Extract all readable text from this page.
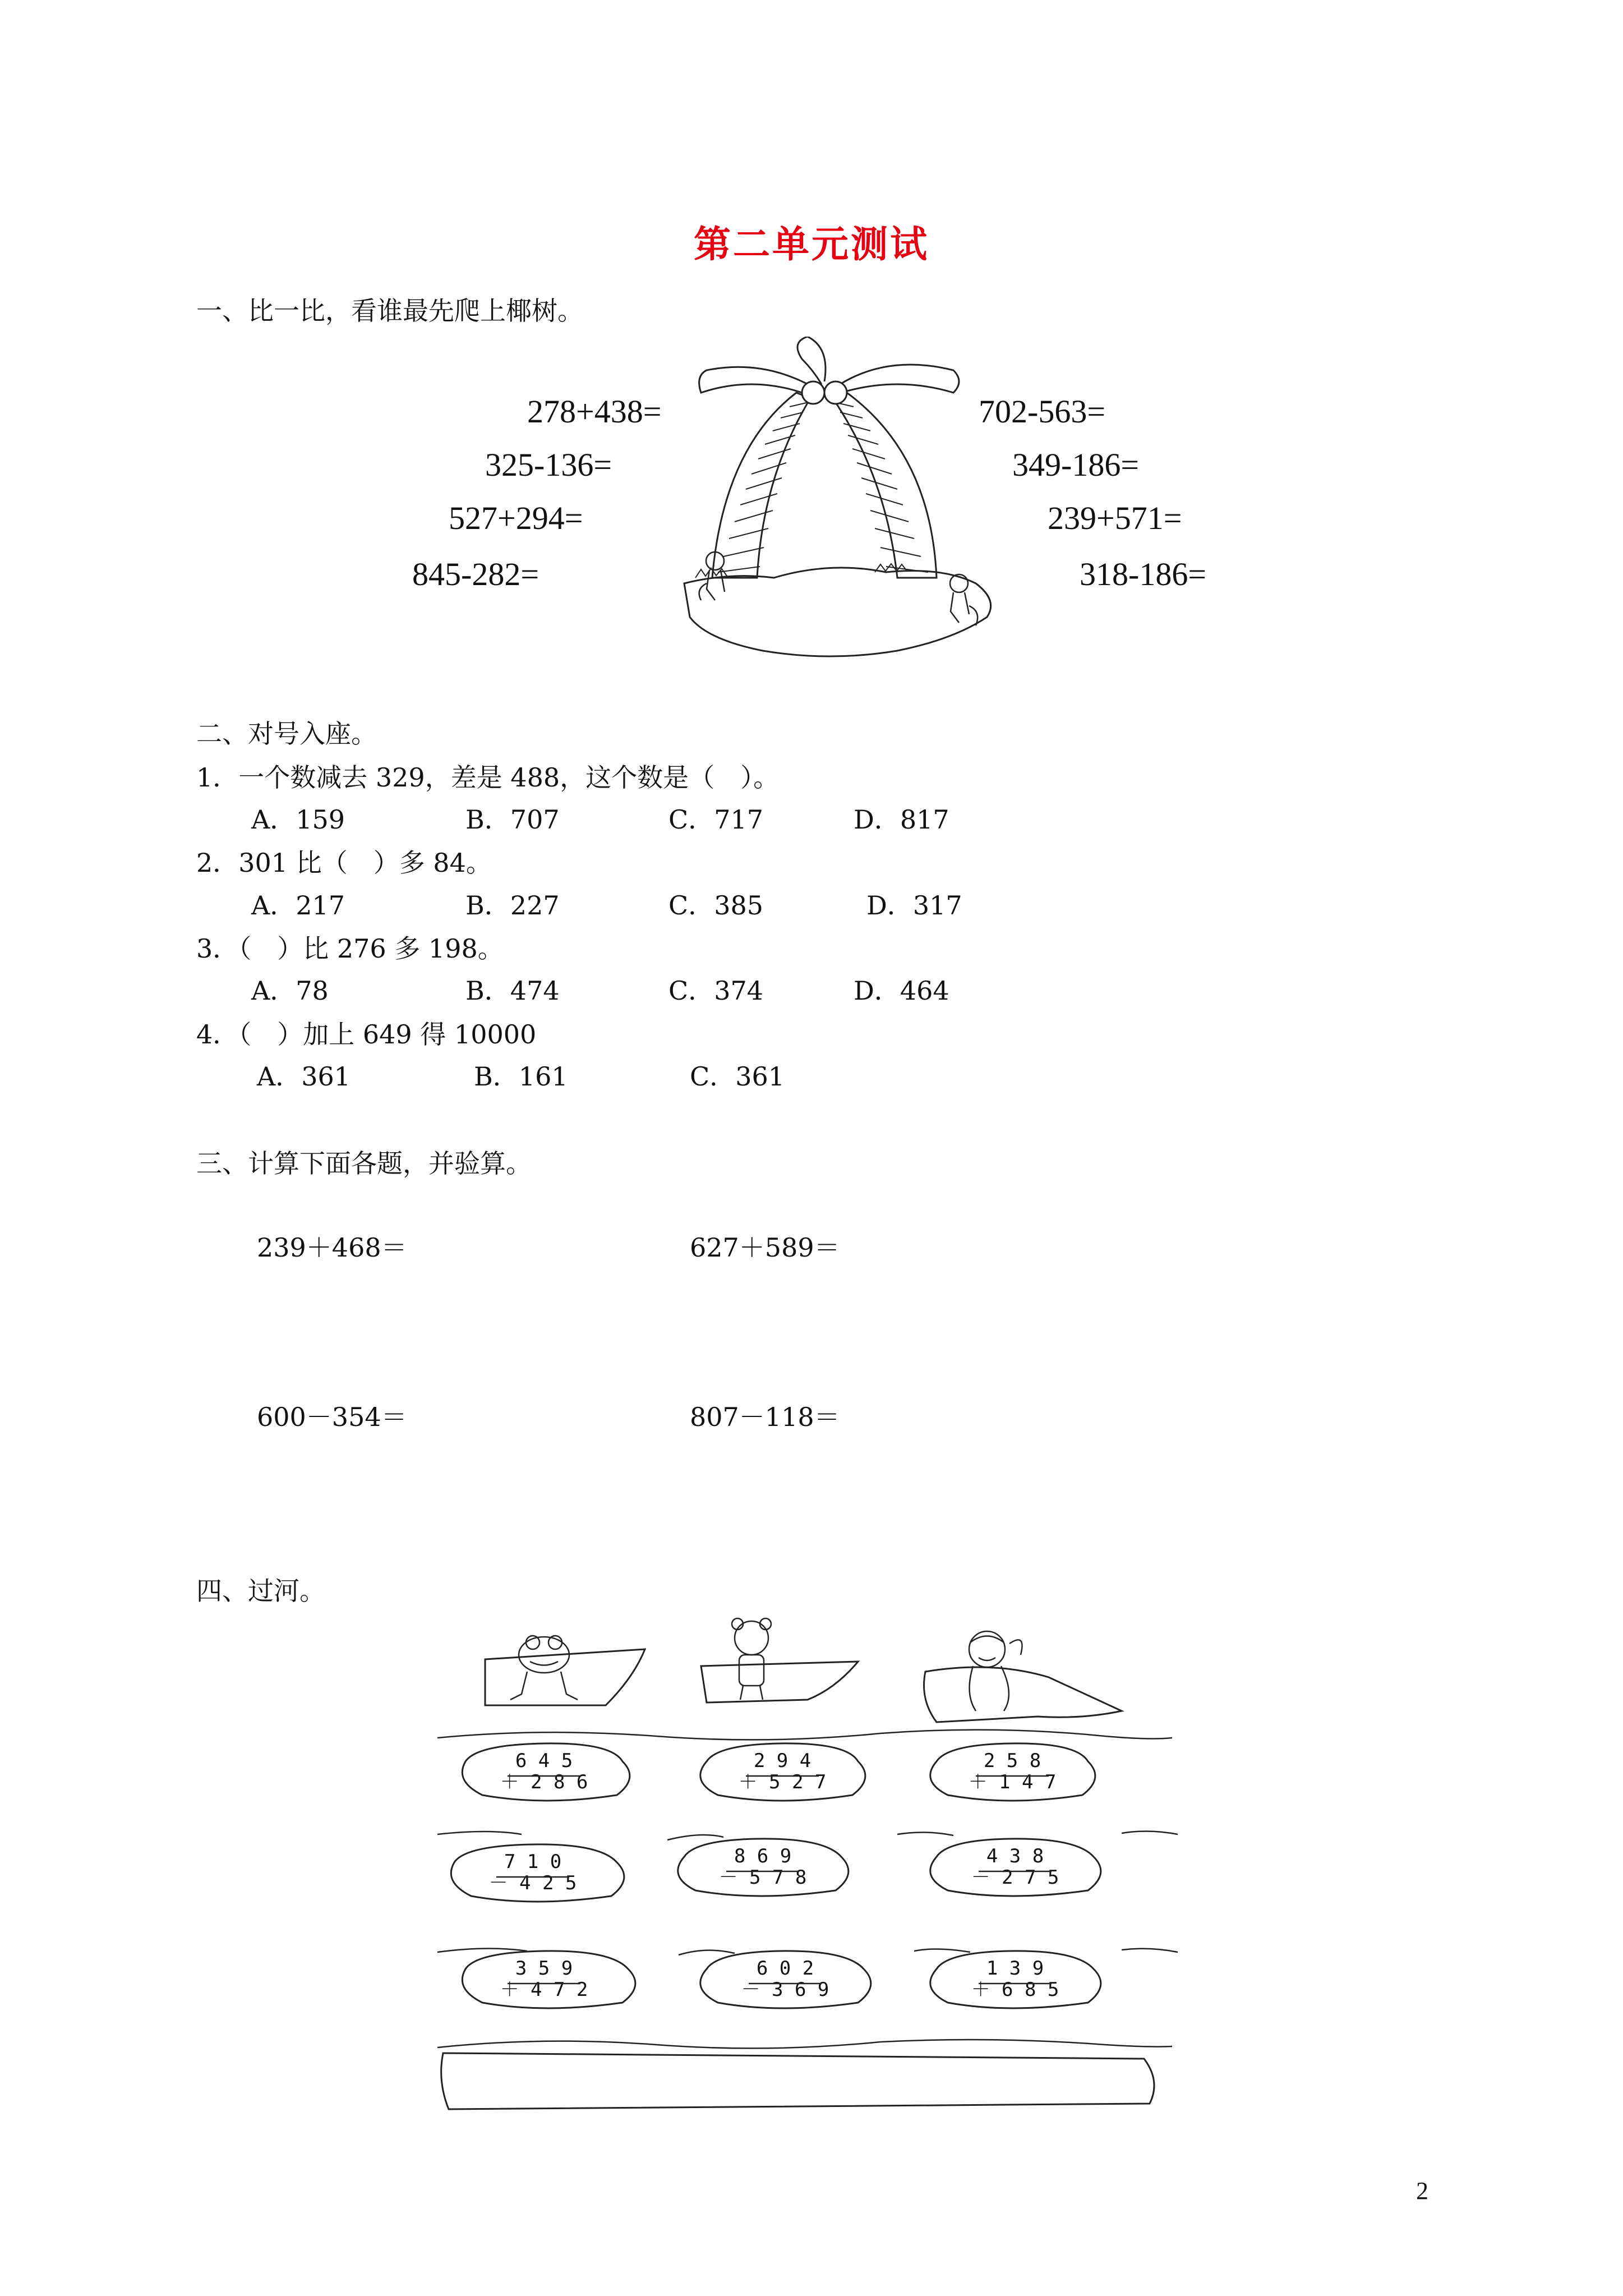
第二单元测试
一、比一比，看谁最先爬上椰树。
278+438=
325-136=
527+294=
845-282=
702-563=
349-186=
239+571=
318-186=
二、对号入座。
1．一个数减去 329，差是 488，这个数是（　）。
A．159	B．707	C．717	D．817
2．301 比（　）多 84。
A．217	B．227	C．385	D．317
3．（　）比 276 多 198。
A．78	B．474	C．374	D．464
4．（　）加上 649 得 10000
A．361	B．161	C．361
三、计算下面各题，并验算。
239＋468＝	627＋589＝
600－354＝	807－118＝
四、过河。
6 4 5
＋ 2 8 6
2 9 4
＋ 5 2 7
2 5 8
＋ 1 4 7
7 1 0
－ 4 2 5
8 6 9
－ 5 7 8
4 3 8
－ 2 7 5
3 5 9
＋ 4 7 2
6 0 2
－ 3 6 9
1 3 9
＋ 6 8 5
2
